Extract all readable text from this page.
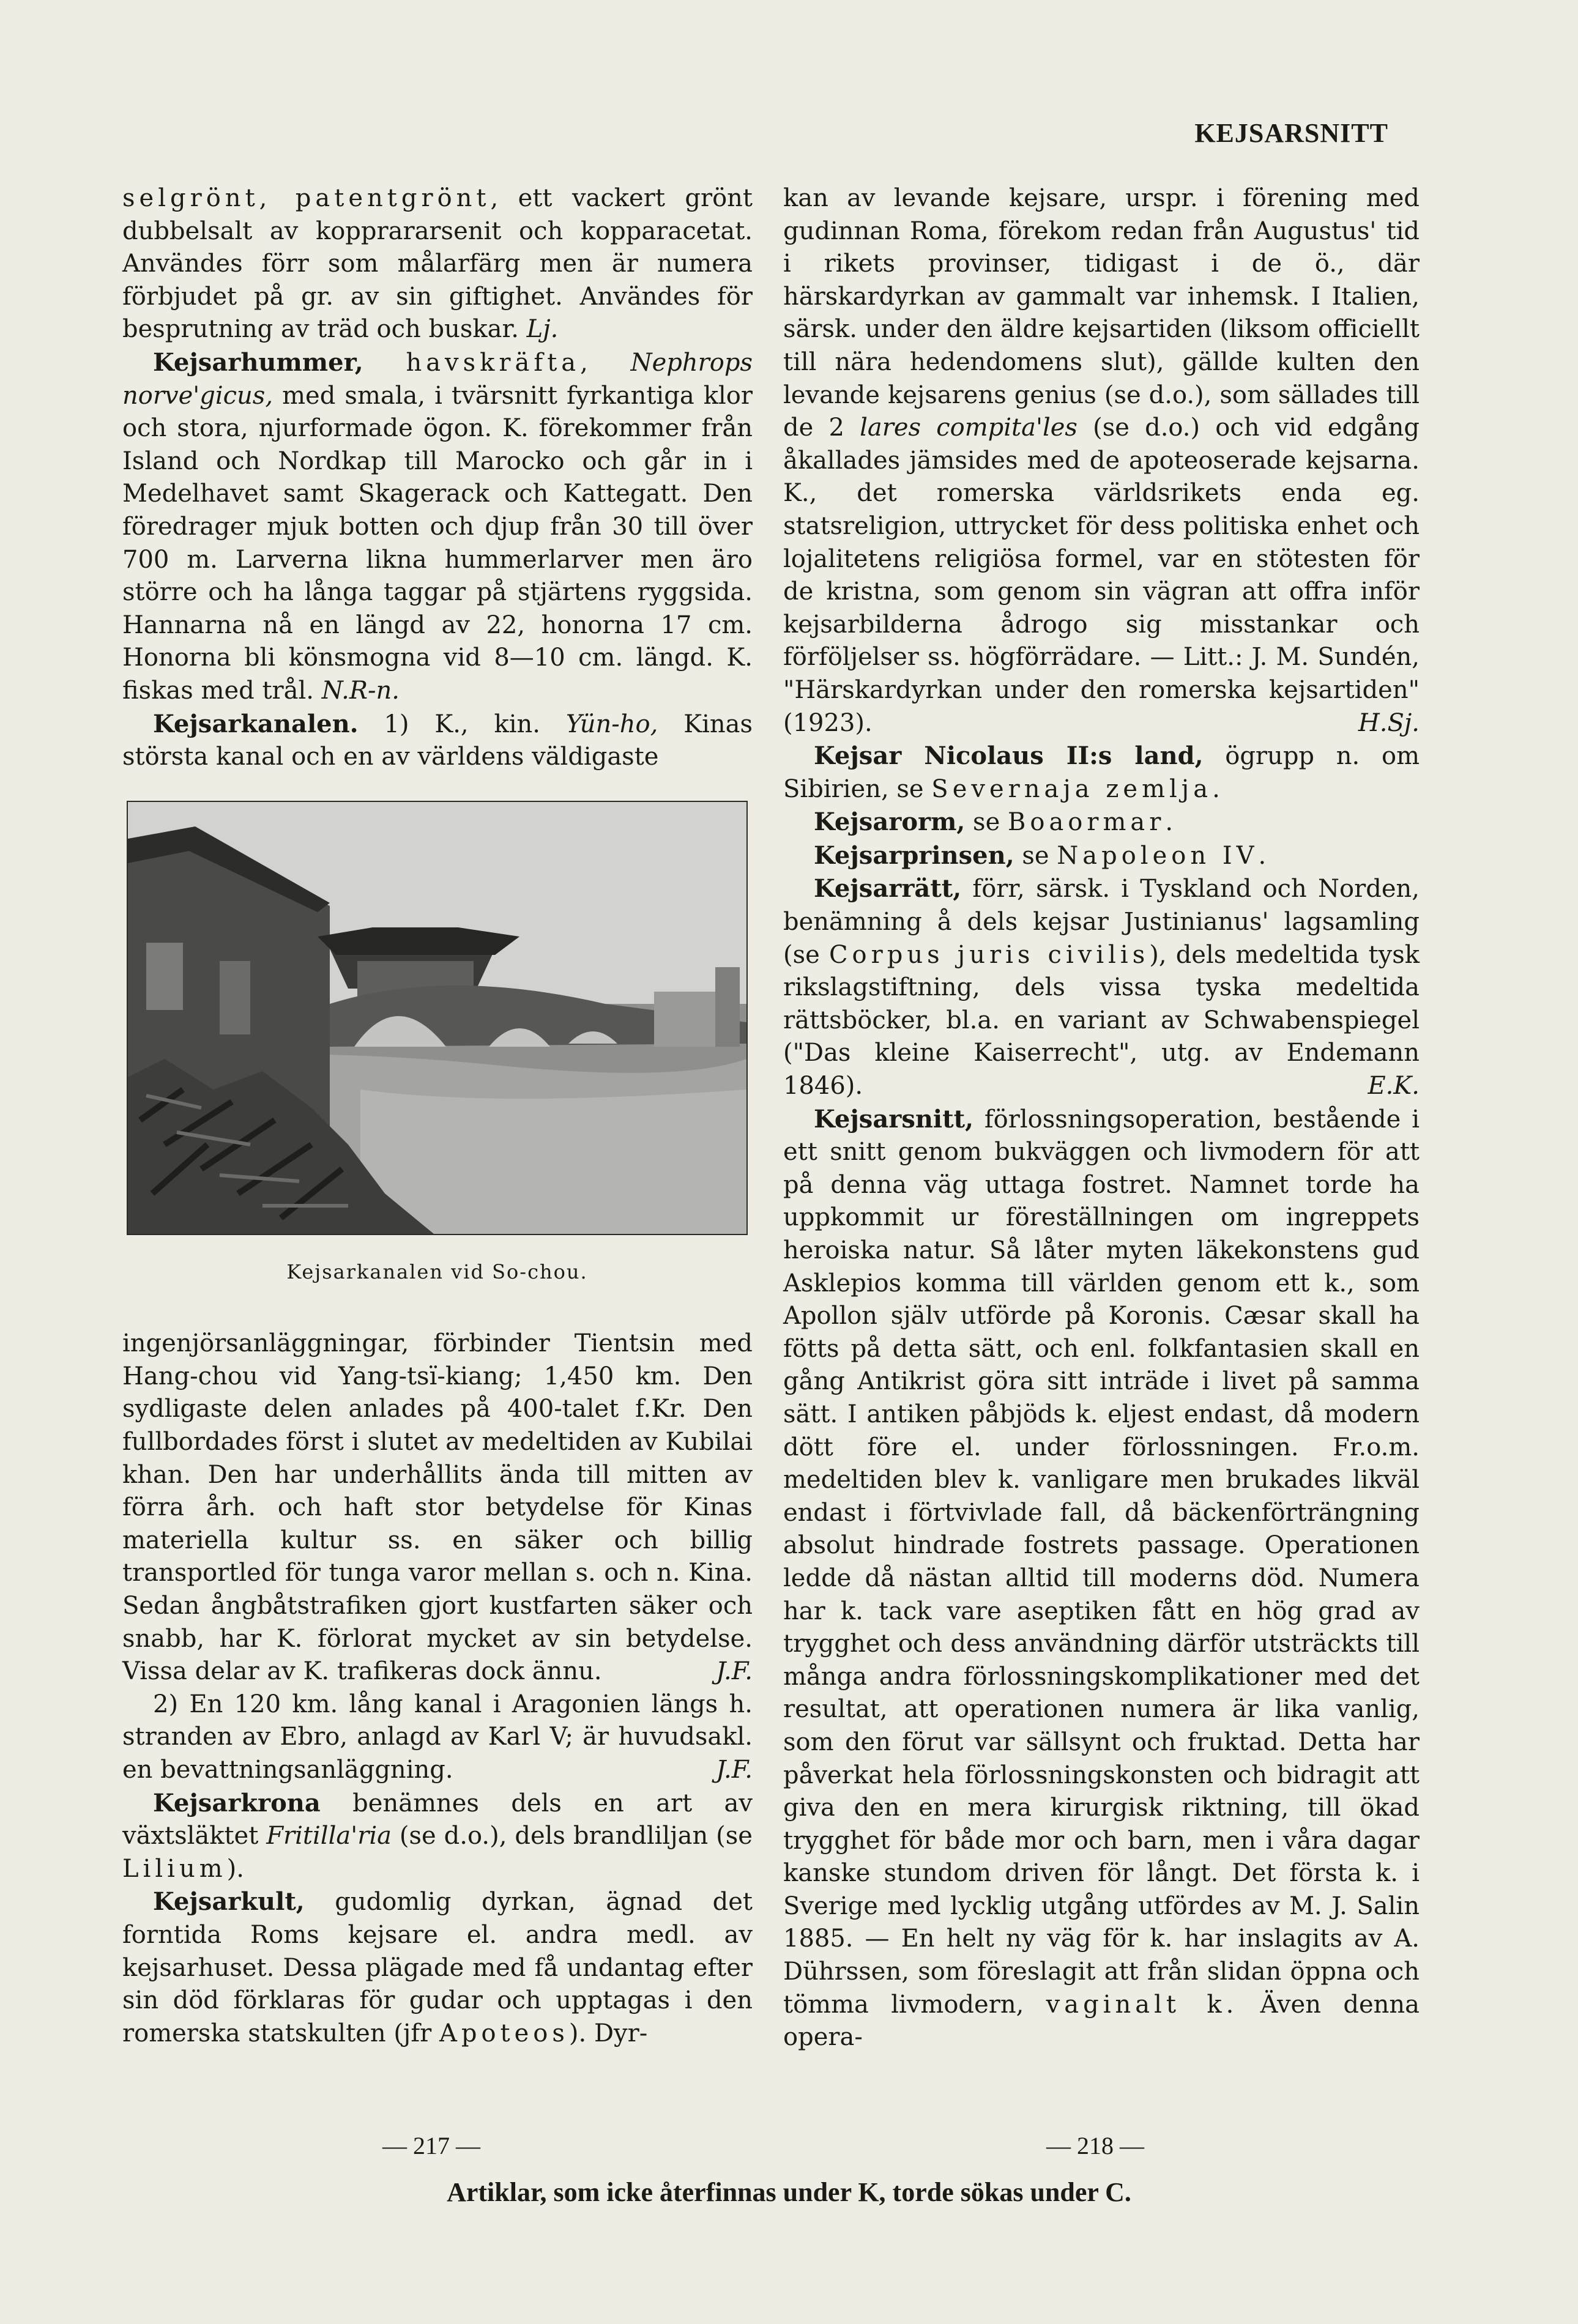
KEJSARSNITT

selgrönt, patentgrönt, ett vackert grönt dubbelsalt av kopprararsenit och kopparacetat. Användes förr som målarfärg men är numera förbjudet på gr. av sin giftighet. Användes för besprutning av träd och buskar. Lj.

Kejsarhummer, havskräfta, Nephrops norve'gicus, med smala, i tvärsnitt fyrkantiga klor och stora, njurformade ögon. K. förekommer från Island och Nordkap till Marocko och går in i Medelhavet samt Skagerack och Kattegatt. Den föredrager mjuk botten och djup från 30 till över 700 m. Larverna likna hummerlarver men äro större och ha långa taggar på stjärtens ryggsida. Hannarna nå en längd av 22, honorna 17 cm. Honorna bli könsmogna vid 8—10 cm. längd. K. fiskas med trål. N.R-n.

Kejsarkanalen. 1) K., kin. Yün-ho, Kinas största kanal och en av världens väldigaste

Kejsarkanalen vid So-chou.

ingenjörsanläggningar, förbinder Tientsin med Hang-chou vid Yang-tsï-kiang; 1,450 km. Den sydligaste delen anlades på 400-talet f.Kr. Den fullbordades först i slutet av medeltiden av Kubilai khan. Den har underhållits ända till mitten av förra årh. och haft stor betydelse för Kinas materiella kultur ss. en säker och billig transportled för tunga varor mellan s. och n. Kina. Sedan ångbåtstrafiken gjort kustfarten säker och snabb, har K. förlorat mycket av sin betydelse. Vissa delar av K. trafikeras dock ännu.	J.F.

2) En 120 km. lång kanal i Aragonien längs h. stranden av Ebro, anlagd av Karl V; är huvudsakl. en bevattningsanläggning.	J.F.

Kejsarkrona benämnes dels en art av växtsläktet Fritilla'ria (se d.o.), dels brandliljan (se Lilium).

Kejsarkult, gudomlig dyrkan, ägnad det forntida Roms kejsare el. andra medl. av kejsarhuset. Dessa plägade med få undantag efter sin död förklaras för gudar och upptagas i den romerska statskulten (jfr Apoteos). Dyr-

kan av levande kejsare, urspr. i förening med gudinnan Roma, förekom redan från Augustus' tid i rikets provinser, tidigast i de ö., där härskardyrkan av gammalt var inhemsk. I Italien, särsk. under den äldre kejsartiden (liksom officiellt till nära hedendomens slut), gällde kulten den levande kejsarens genius (se d.o.), som sällades till de 2 lares compita'les (se d.o.) och vid edgång åkallades jämsides med de apoteoserade kejsarna. K., det romerska världsrikets enda eg. statsreligion, uttrycket för dess politiska enhet och lojalitetens religiösa formel, var en stötesten för de kristna, som genom sin vägran att offra inför kejsarbilderna ådrogo sig misstankar och förföljelser ss. högförrädare. — Litt.: J. M. Sundén, "Härskardyrkan under den romerska kejsartiden" (1923).	H.Sj.

Kejsar Nicolaus II:s land, ögrupp n. om Sibirien, se Severnaja zemlja.

Kejsarorm, se Boaormar.

Kejsarprinsen, se Napoleon IV.

Kejsarrätt, förr, särsk. i Tyskland och Norden, benämning å dels kejsar Justinianus' lagsamling (se Corpus juris civilis), dels medeltida tysk rikslagstiftning, dels vissa tyska medeltida rättsböcker, bl.a. en variant av Schwabenspiegel ("Das kleine Kaiserrecht", utg. av Endemann 1846).	E.K.

Kejsarsnitt, förlossningsoperation, bestående i ett snitt genom bukväggen och livmodern för att på denna väg uttaga fostret. Namnet torde ha uppkommit ur föreställningen om ingreppets heroiska natur. Så låter myten läkekonstens gud Asklepios komma till världen genom ett k., som Apollon själv utförde på Koronis. Cæsar skall ha fötts på detta sätt, och enl. folkfantasien skall en gång Antikrist göra sitt inträde i livet på samma sätt. I antiken påbjöds k. eljest endast, då modern dött före el. under förlossningen. Fr.o.m. medeltiden blev k. vanligare men brukades likväl endast i förtvivlade fall, då bäckenförträngning absolut hindrade fostrets passage. Operationen ledde då nästan alltid till moderns död. Numera har k. tack vare aseptiken fått en hög grad av trygghet och dess användning därför utsträckts till många andra förlossningskomplikationer med det resultat, att operationen numera är lika vanlig, som den förut var sällsynt och fruktad. Detta har påverkat hela förlossningskonsten och bidragit att giva den en mera kirurgisk riktning, till ökad trygghet för både mor och barn, men i våra dagar kanske stundom driven för långt. Det första k. i Sverige med lycklig utgång utfördes av M. J. Salin 1885. — En helt ny väg för k. har inslagits av A. Dührssen, som föreslagit att från slidan öppna och tömma livmodern, vaginalt k. Även denna opera-

— 217 —	— 218 —
Artiklar, som icke återfinnas under K, torde sökas under C.
